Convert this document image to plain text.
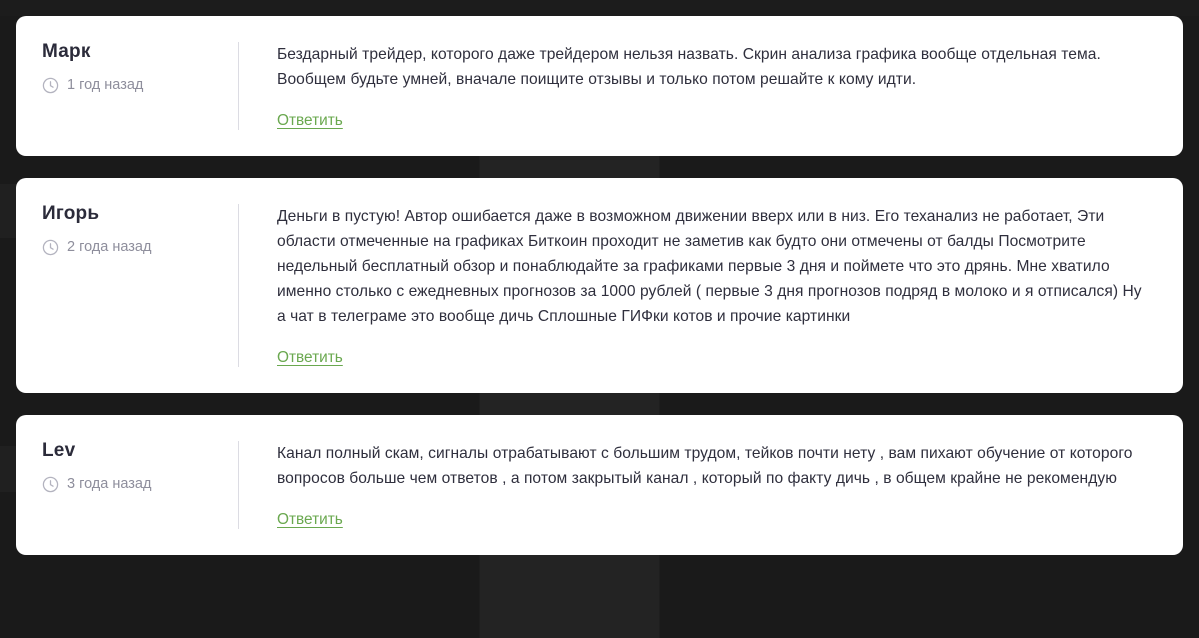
Марк
1 год назад

Бездарный трейдер, которого даже трейдером нельзя назвать. Скрин анализа графика вообще отдельная тема. Вообщем будьте умней, вначале поищите отзывы и только потом решайте к кому идти.

Ответить
Игорь
2 года назад

Деньги в пустую! Автор ошибается даже в возможном движении вверх или в низ. Его теханализ не работает, Эти области отмеченные на графиках Биткоин проходит не заметив как будто они отмечены от балды Посмотрите недельный бесплатный обзор и понаблюдайте за графиками первые 3 дня и поймете что это дрянь. Мне хватило именно столько с ежедневных прогнозов за 1000 рублей ( первые 3 дня прогнозов подряд в молоко и я отписался) Ну а чат в телеграме это вообще дичь Сплошные ГИФки котов и прочие картинки

Ответить
Lev
3 года назад

Канал полный скам, сигналы отрабатывают с большим трудом, тейков почти нету , вам пихают обучение от которого вопросов больше чем ответов , а потом закрытый канал , который по факту дичь , в общем крайне не рекомендую

Ответить
